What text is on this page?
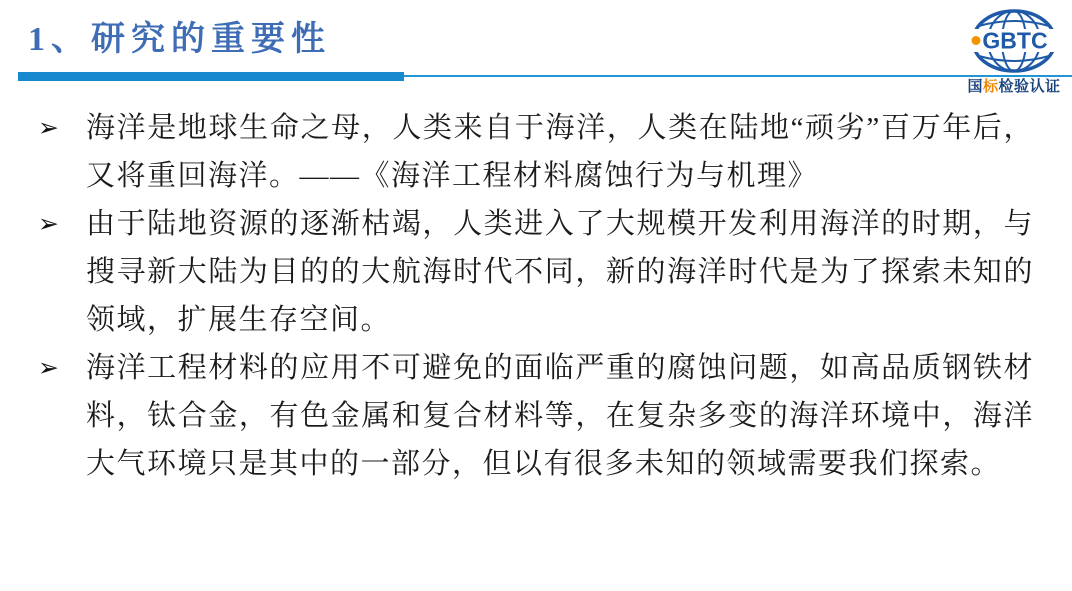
1、研究的重要性	GBTC
国标检验认证
➢ 海洋是地球生命之母，人类来自于海洋，人类在陆地“顽劣”百万年后，又将重回海洋。——《海洋工程材料腐蚀行为与机理》
➢ 由于陆地资源的逐渐枯竭，人类进入了大规模开发利用海洋的时期，与搜寻新大陆为目的的大航海时代不同，新的海洋时代是为了探索未知的领域，扩展生存空间。
➢ 海洋工程材料的应用不可避免的面临严重的腐蚀问题，如高品质钢铁材料，钛合金，有色金属和复合材料等，在复杂多变的海洋环境中，海洋大气环境只是其中的一部分，但以有很多未知的领域需要我们探索。
